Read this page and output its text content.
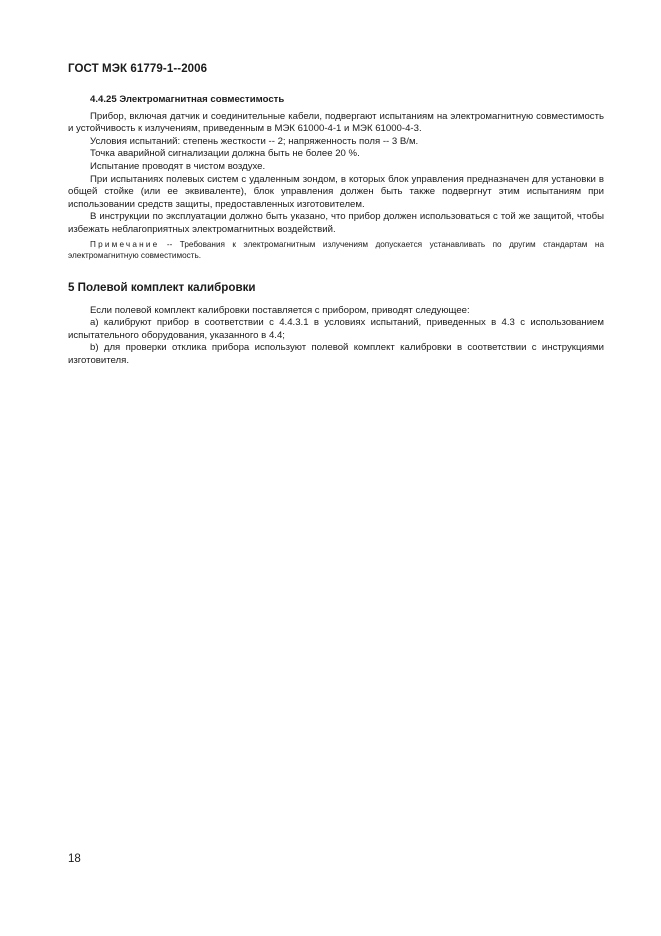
ГОСТ МЭК 61779-1--2006
4.4.25 Электромагнитная совместимость

Прибор, включая датчик и соединительные кабели, подвергают испытаниям на электромагнитную совместимость и устойчивость к излучениям, приведенным в МЭК 61000-4-1 и МЭК 61000-4-3.

Условия испытаний: степень жесткости -- 2; напряженность поля -- 3 В/м.

Точка аварийной сигнализации должна быть не более 20 %.

Испытание проводят в чистом воздухе.

При испытаниях полевых систем с удаленным зондом, в которых блок управления предназначен для установки в общей стойке (или ее эквиваленте), блок управления должен быть также подвергнут этим испытаниям при использовании средств защиты, предоставленных изготовителем.

В инструкции по эксплуатации должно быть указано, что прибор должен использоваться с той же защитой, чтобы избежать неблагоприятных электромагнитных воздействий.

Примечание -- Требования к электромагнитным излучениям допускается устанавливать по другим стандартам на электромагнитную совместимость.

5 Полевой комплект калибровки

Если полевой комплект калибровки поставляется с прибором, приводят следующее:

a) калибруют прибор в соответствии с 4.4.3.1 в условиях испытаний, приведенных в 4.3 с использованием испытательного оборудования, указанного в 4.4;

b) для проверки отклика прибора используют полевой комплект калибровки в соответствии с инструкциями изготовителя.

18
